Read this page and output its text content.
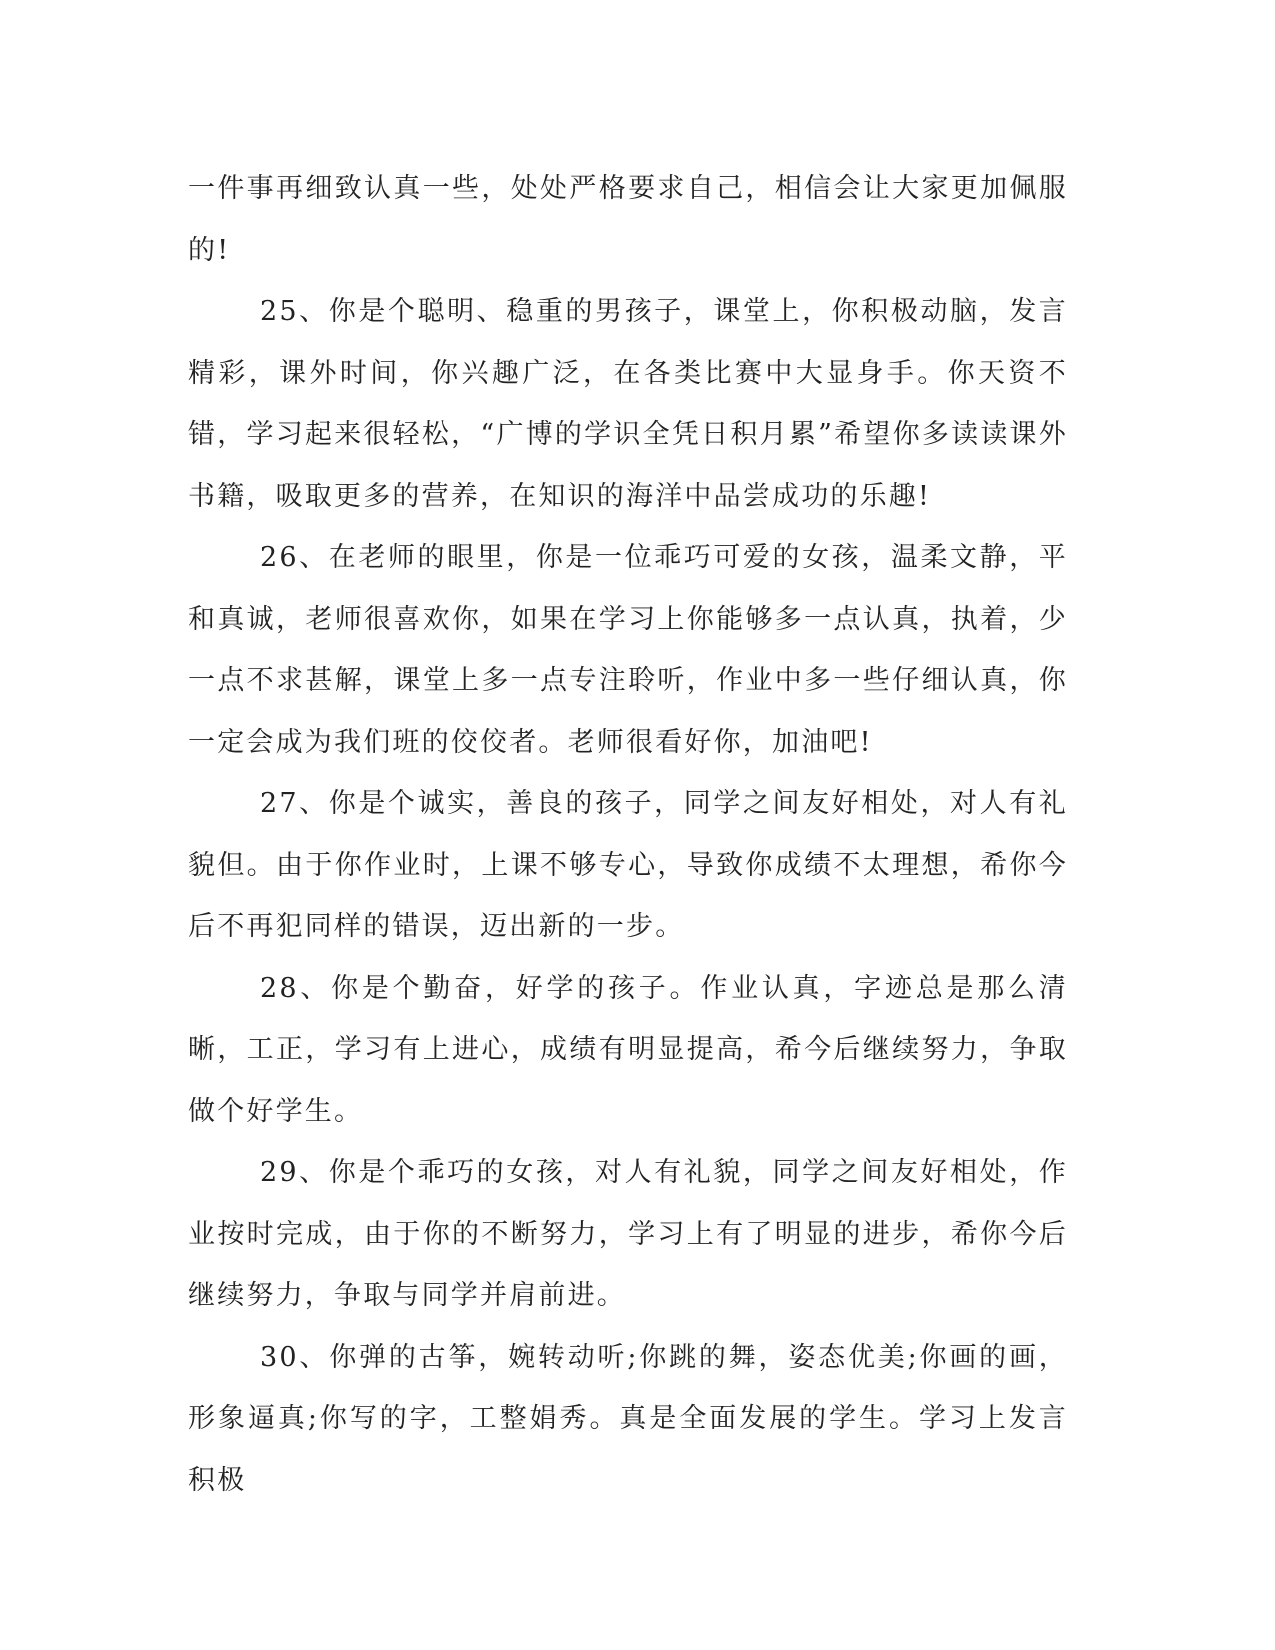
一件事再细致认真一些，处处严格要求自己，相信会让大家更加佩服的!

25、你是个聪明、稳重的男孩子，课堂上，你积极动脑，发言精彩，课外时间，你兴趣广泛，在各类比赛中大显身手。你天资不错，学习起来很轻松，“广博的学识全凭日积月累”希望你多读读课外书籍，吸取更多的营养，在知识的海洋中品尝成功的乐趣!

26、在老师的眼里，你是一位乖巧可爱的女孩，温柔文静，平和真诚，老师很喜欢你，如果在学习上你能够多一点认真，执着，少一点不求甚解，课堂上多一点专注聆听，作业中多一些仔细认真，你一定会成为我们班的佼佼者。老师很看好你，加油吧!

27、你是个诚实，善良的孩子，同学之间友好相处，对人有礼貌但。由于你作业时，上课不够专心，导致你成绩不太理想，希你今后不再犯同样的错误，迈出新的一步。

28、你是个勤奋，好学的孩子。作业认真，字迹总是那么清晰，工正，学习有上进心，成绩有明显提高，希今后继续努力，争取做个好学生。

29、你是个乖巧的女孩，对人有礼貌，同学之间友好相处，作业按时完成，由于你的不断努力，学习上有了明显的进步，希你今后继续努力，争取与同学并肩前进。

30、你弹的古筝，婉转动听;你跳的舞，姿态优美;你画的画，形象逼真;你写的字，工整娟秀。真是全面发展的学生。学习上发言积极
